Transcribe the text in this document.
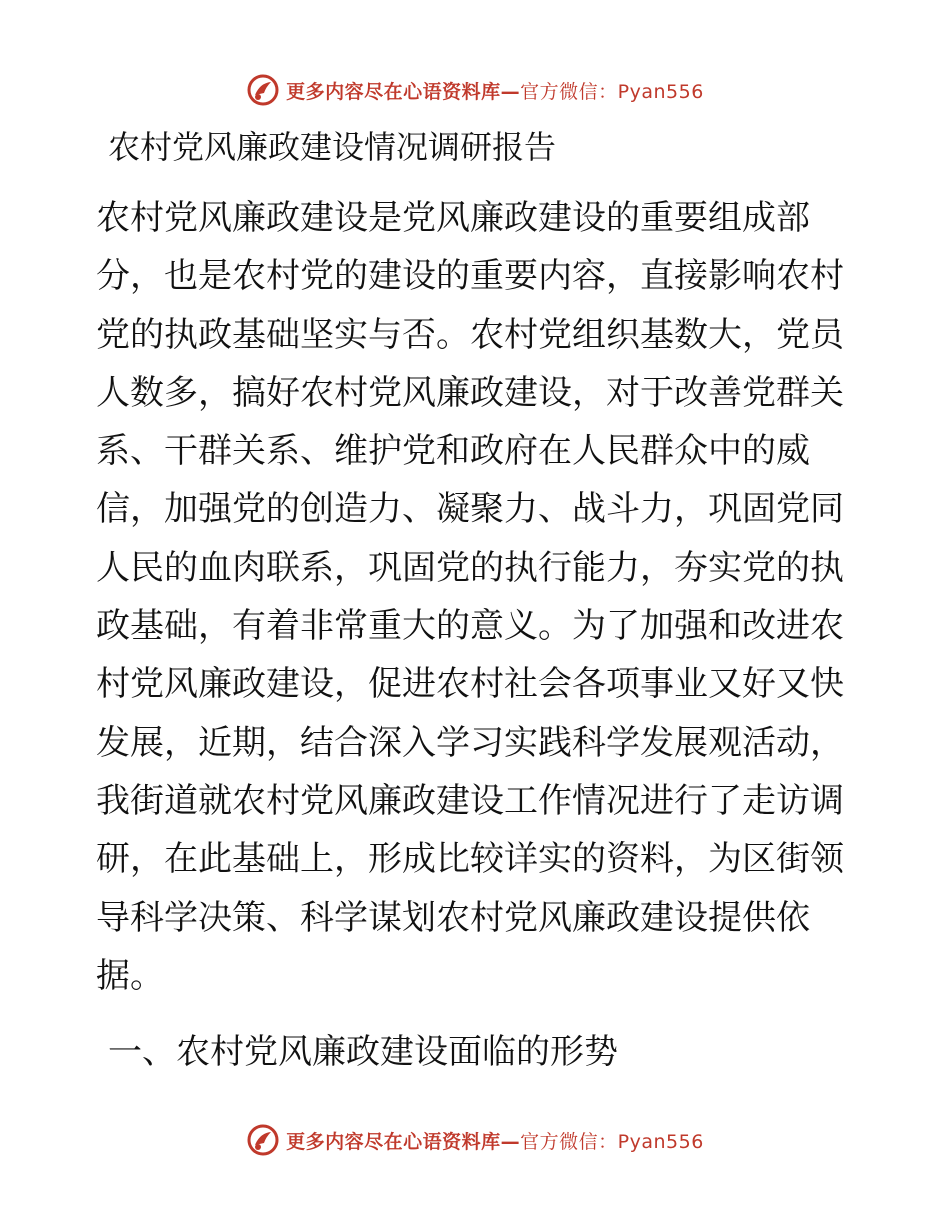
更多内容尽在心语资料库—官方微信：Pyan556
农村党风廉政建设情况调研报告

农村党风廉政建设是党风廉政建设的重要组成部

分，也是农村党的建设的重要内容，直接影响农村

党的执政基础坚实与否。农村党组织基数大，党员

人数多，搞好农村党风廉政建设，对于改善党群关

系、干群关系、维护党和政府在人民群众中的威

信，加强党的创造力、凝聚力、战斗力，巩固党同

人民的血肉联系，巩固党的执行能力，夯实党的执

政基础，有着非常重大的意义。为了加强和改进农

村党风廉政建设，促进农村社会各项事业又好又快

发展，近期，结合深入学习实践科学发展观活动，

我街道就农村党风廉政建设工作情况进行了走访调

研，在此基础上，形成比较详实的资料，为区街领

导科学决策、科学谋划农村党风廉政建设提供依

据。

一、农村党风廉政建设面临的形势
更多内容尽在心语资料库—官方微信：Pyan556
